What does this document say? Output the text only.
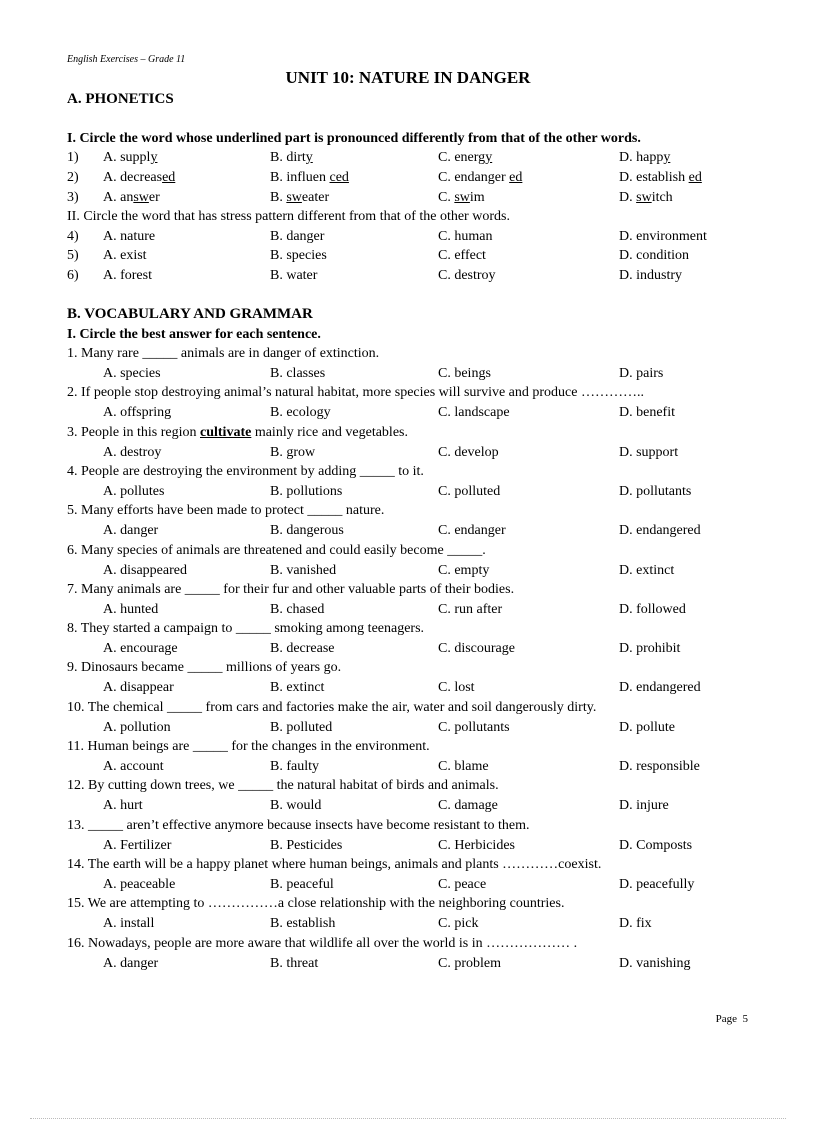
English Exercises – Grade 11
UNIT 10: NATURE IN DANGER
A. PHONETICS
I. Circle the word whose underlined part is pronounced differently from that of the other words.
1) A. supply	B. dirty	C. energy	D. happy
2) A. decreased	B. influen ced	C. endanger ed	D. establish ed
3) A. answer	B. sweater	C. swim	D. switch
4) A. nature	B. danger	C. human	D. environment
5) A. exist	B. species	C. effect	D. condition
6) A. forest	B. water	C. destroy	D. industry
II. Circle the word that has stress pattern different from that of the other words.
B. VOCABULARY AND GRAMMAR
I. Circle the best answer for each sentence.
1. Many rare _____ animals are in danger of extinction.
A. species	B. classes	C. beings	D. pairs
2. If people stop destroying animal’s natural habitat, more species will survive and produce …………..
A. offspring	B. ecology	C. landscape	D. benefit
3. People in this region cultivate mainly rice and vegetables.
A. destroy	B. grow	C. develop	D. support
4. People are destroying the environment by adding _____ to it.
A. pollutes	B. pollutions	C. polluted	D. pollutants
5. Many efforts have been made to protect _____ nature.
A. danger	B. dangerous	C. endanger	D. endangered
6. Many species of animals are threatened and could easily become _____.
A. disappeared	B. vanished	C. empty	D. extinct
7. Many animals are _____ for their fur and other valuable parts of their bodies.
A. hunted	B. chased	C. run after	D. followed
8. They started a campaign to _____ smoking among teenagers.
A. encourage	B. decrease	C. discourage	D. prohibit
9. Dinosaurs became _____ millions of years go.
A. disappear	B. extinct	C. lost	D. endangered
10. The chemical _____ from cars and factories make the air, water and soil dangerously dirty.
A. pollution	B. polluted	C. pollutants	D. pollute
11. Human beings are _____ for the changes in the environment.
A. account	B. faulty	C. blame	D. responsible
12. By cutting down trees, we _____ the natural habitat of birds and animals.
A. hurt	B. would	C. damage	D. injure
13. _____ aren’t effective anymore because insects have become resistant to them.
A. Fertilizer	B. Pesticides	C. Herbicides	D. Composts
14. The earth will be a happy planet where human beings, animals and plants …………coexist.
A. peaceable	B. peaceful	C. peace	D. peacefully
15. We are attempting to ……………a close relationship with the neighboring countries.
A. install	B. establish	C. pick	D. fix
16. Nowadays, people are more aware that wildlife all over the world is in ……………… .
A. danger	B. threat	C. problem	D. vanishing
Page 5
